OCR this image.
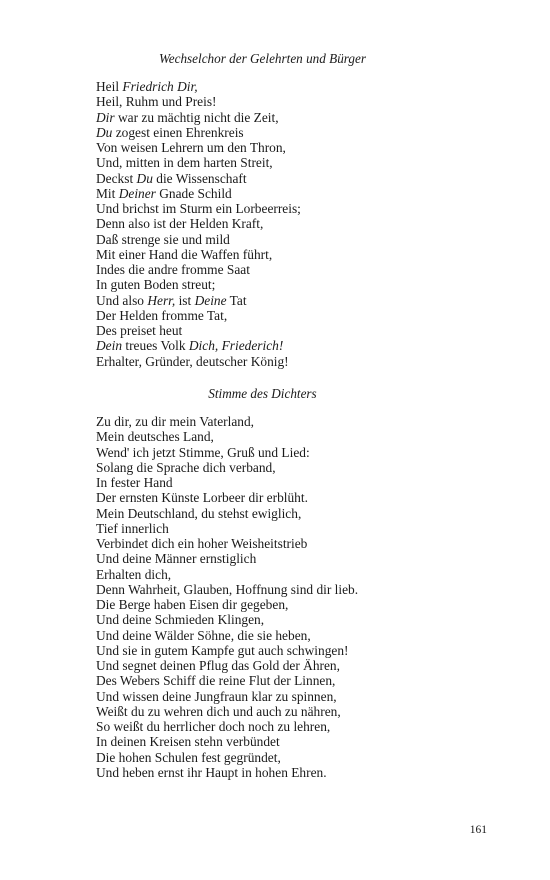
Wechselchor der Gelehrten und Bürger
Heil Friedrich Dir,
Heil, Ruhm und Preis!
Dir war zu mächtig nicht die Zeit,
Du zogest einen Ehrenkreis
Von weisen Lehrern um den Thron,
Und, mitten in dem harten Streit,
Deckst Du die Wissenschaft
Mit Deiner Gnade Schild
Und brichst im Sturm ein Lorbeerreis;
Denn also ist der Helden Kraft,
Daß strenge sie und mild
Mit einer Hand die Waffen führt,
Indes die andre fromme Saat
In guten Boden streut;
Und also Herr, ist Deine Tat
Der Helden fromme Tat,
Des preiset heut
Dein treues Volk Dich, Friederich!
Erhalter, Gründer, deutscher König!
Stimme des Dichters
Zu dir, zu dir mein Vaterland,
Mein deutsches Land,
Wend' ich jetzt Stimme, Gruß und Lied:
Solang die Sprache dich verband,
In fester Hand
Der ernsten Künste Lorbeer dir erblüht.
Mein Deutschland, du stehst ewiglich,
Tief innerlich
Verbindet dich ein hoher Weisheitstrieb
Und deine Männer ernstiglich
Erhalten dich,
Denn Wahrheit, Glauben, Hoffnung sind dir lieb.
Die Berge haben Eisen dir gegeben,
Und deine Schmieden Klingen,
Und deine Wälder Söhne, die sie heben,
Und sie in gutem Kampfe gut auch schwingen!
Und segnet deinen Pflug das Gold der Ähren,
Des Webers Schiff die reine Flut der Linnen,
Und wissen deine Jungfraun klar zu spinnen,
Weißt du zu wehren dich und auch zu nähren,
So weißt du herrlicher doch noch zu lehren,
In deinen Kreisen stehn verbündet
Die hohen Schulen fest gegründet,
Und heben ernst ihr Haupt in hohen Ehren.
161
